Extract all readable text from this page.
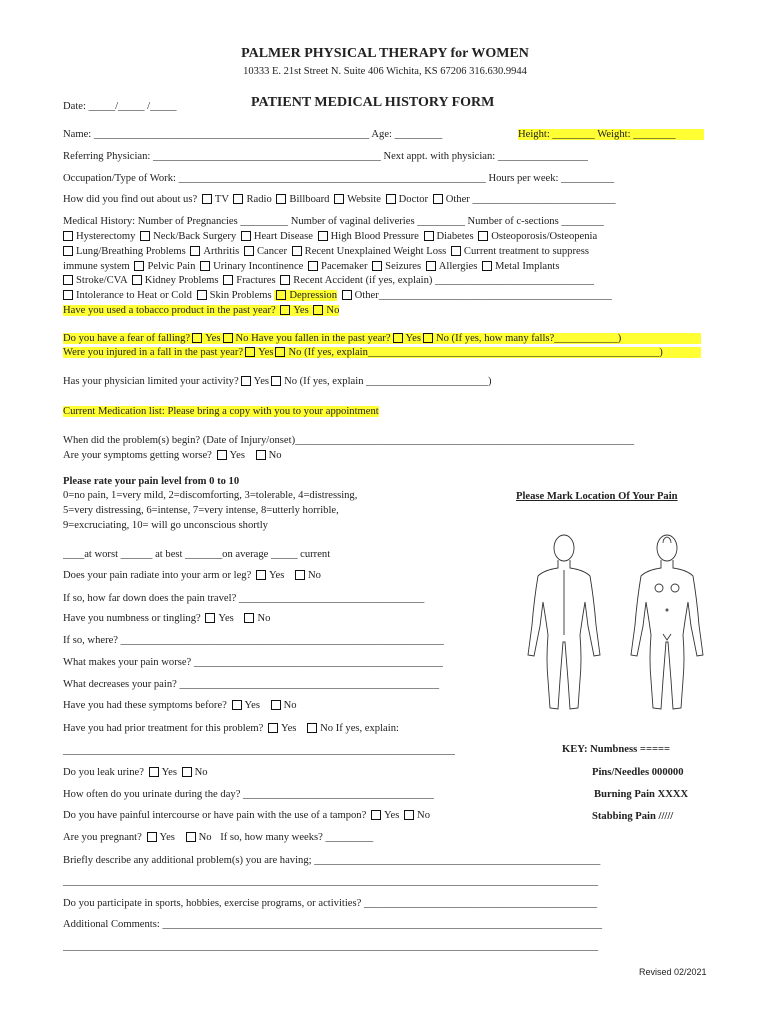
PALMER PHYSICAL THERAPY for WOMEN
10333 E. 21st Street N. Suite 406 Wichita, KS 67206 316.630.9944
Date: _____/_____ /_____	PATIENT MEDICAL HISTORY FORM
Name: ____________________________________________________ Age: _________	Height: ________ Weight: ________
Referring Physician: ___________________________________________ Next appt. with physician: _________________
Occupation/Type of Work: __________________________________________________________ Hours per week: __________
How did you find out about us? TV Radio Billboard Website Doctor Other ___________________________
Medical History: Number of Pregnancies _________ Number of vaginal deliveries _________ Number of c-sections ________
Hysterectomy Neck/Back Surgery Heart Disease High Blood Pressure Diabetes Osteoporosis/Osteopenia
Lung/Breathing Problems Arthritis Cancer Recent Unexplained Weight Loss Current treatment to suppress
immune system Pelvic Pain Urinary Incontinence Pacemaker Seizures Allergies Metal Implants
Stroke/CVA Kidney Problems Fractures Recent Accident (if yes, explain) ______________________________
Intolerance to Heat or Cold Skin Problems Depression Other____________________________________________
Have you used a tobacco product in the past year? Yes No
Do you have a fear of falling? Yes No Have you fallen in the past year? Yes No (If yes, how many falls?____________)
Were you injured in a fall in the past year? Yes No (If yes, explain_______________________________________________________)
Has your physician limited your activity? Yes No (If yes, explain _______________________)
Current Medication list: Please bring a copy with you to your appointment
When did the problem(s) begin? (Date of Injury/onset)________________________________________________________________
Are your symptoms getting worse? Yes No
Please rate your pain level from 0 to 10
0=no pain, 1=very mild, 2=discomforting, 3=tolerable, 4=distressing,
5=very distressing, 6=intense, 7=very intense, 8=utterly horrible,
9=excruciating, 10= will go unconscious shortly
Please Mark Location Of Your Pain
____at worst ______ at best _______on average _____ current
Does your pain radiate into your arm or leg? Yes No
If so, how far down does the pain travel? ___________________________________
Have you numbness or tingling? Yes No
If so, where? _____________________________________________________________
What makes your pain worse? _______________________________________________
What decreases your pain? _________________________________________________
Have you had these symptoms before? Yes No
Have you had prior treatment for this problem? Yes No If yes, explain:
__________________________________________________________________________	KEY: Numbness =====
Pins/Needles 000000
Burning Pain XXXX
Stabbing Pain /////
Do you leak urine? Yes No
How often do you urinate during the day? ____________________________________
Do you have painful intercourse or have pain with the use of a tampon? Yes No
Are you pregnant? Yes No If so, how many weeks? _________
Briefly describe any additional problem(s) you are having; ______________________________________________________
_____________________________________________________________________________________________________
Do you participate in sports, hobbies, exercise programs, or activities? ____________________________________________
Additional Comments: ___________________________________________________________________________________
_____________________________________________________________________________________________________
Revised 02/2021
